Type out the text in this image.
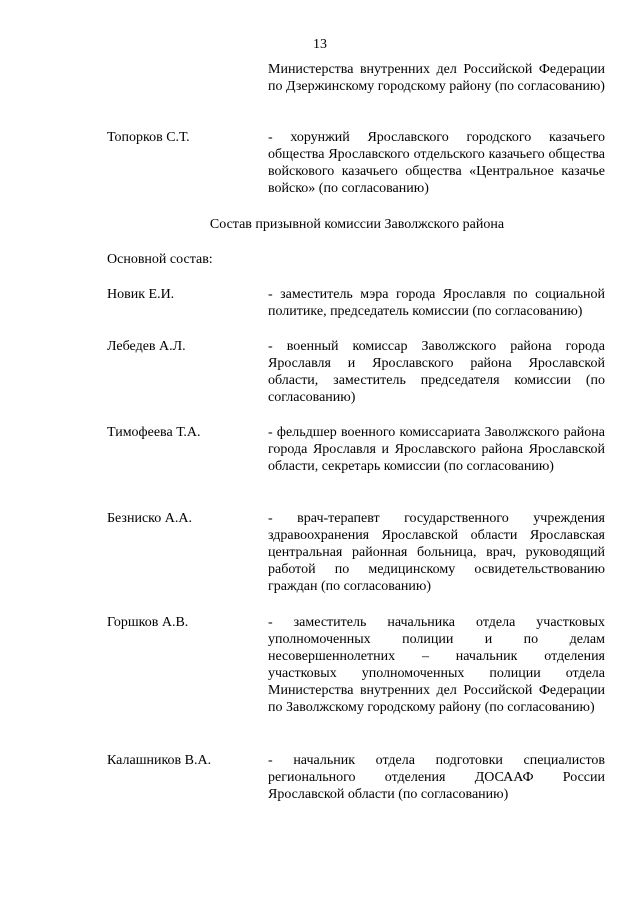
13
Министерства внутренних дел Российской Федерации по Дзержинскому городскому району (по согласованию)
Топорков С.Т.	- хорунжий Ярославского городского казачьего общества Ярославского отдельского казачьего общества войскового казачьего общества «Центральное казачье войско» (по согласованию)
Состав призывной комиссии Заволжского района
Основной состав:
Новик Е.И.	- заместитель мэра города Ярославля по социальной политике, председатель комиссии (по согласованию)
Лебедев А.Л.	- военный комиссар Заволжского района города Ярославля и Ярославского района Ярославской области, заместитель председателя комиссии (по согласованию)
Тимофеева Т.А.	- фельдшер военного комиссариата Заволжского района города Ярославля и Ярославского района Ярославской области, секретарь комиссии (по согласованию)
Безниско А.А.	- врач-терапевт государственного учреждения здравоохранения Ярославской области Ярославская центральная районная больница, врач, руководящий работой по медицинскому освидетельствованию граждан (по согласованию)
Горшков А.В.	- заместитель начальника отдела участковых уполномоченных полиции и по делам несовершеннолетних – начальник отделения участковых уполномоченных полиции отдела Министерства внутренних дел Российской Федерации по Заволжскому городскому району (по согласованию)
Калашников В.А.	- начальник отдела подготовки специалистов регионального отделения ДОСААФ России Ярославской области (по согласованию)
